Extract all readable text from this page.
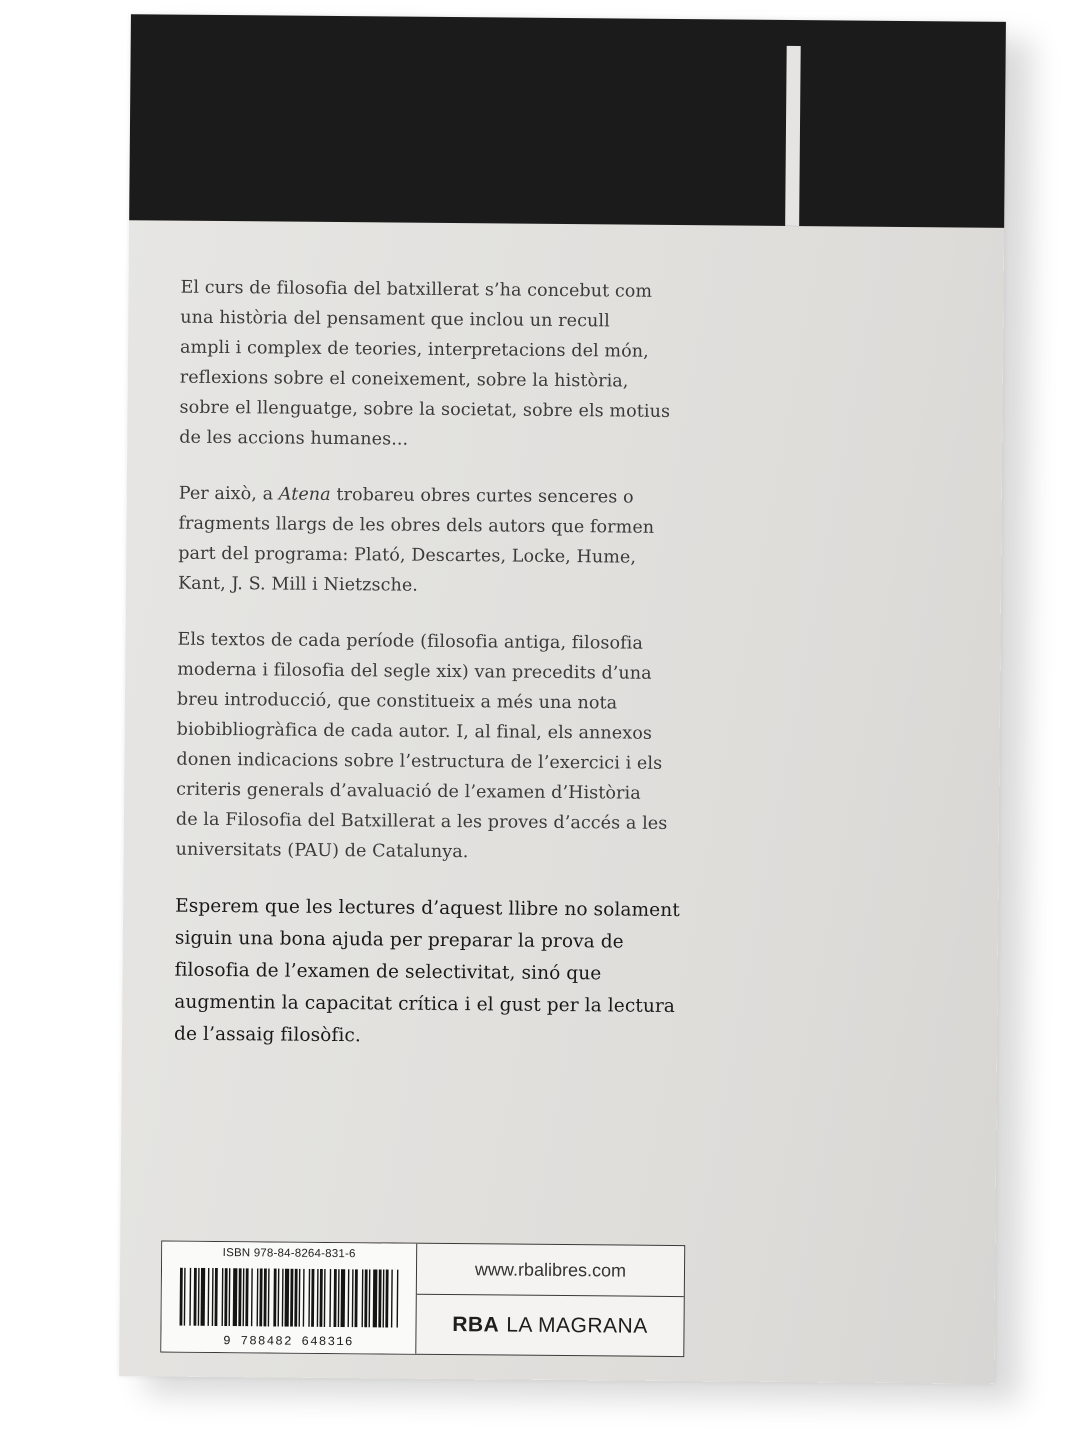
El curs de filosofia del batxillerat s’ha concebut com
una història del pensament que inclou un recull
ampli i complex de teories, interpretacions del món,
reflexions sobre el coneixement, sobre la història,
sobre el llenguatge, sobre la societat, sobre els motius
de les accions humanes...

Per això, a Atena trobareu obres curtes senceres o
fragments llargs de les obres dels autors que formen
part del programa: Plató, Descartes, Locke, Hume,
Kant, J. S. Mill i Nietzsche.

Els textos de cada període (filosofia antiga, filosofia
moderna i filosofia del segle xix) van precedits d’una
breu introducció, que constitueix a més una nota
biobibliogràfica de cada autor. I, al final, els annexos
donen indicacions sobre l’estructura de l’exercici i els
criteris generals d’avaluació de l’examen d’Història
de la Filosofia del Batxillerat a les proves d’accés a les
universitats (PAU) de Catalunya.

Esperem que les lectures d’aquest llibre no solament
siguin una bona ajuda per preparar la prova de
filosofia de l’examen de selectivitat, sinó que
augmentin la capacitat crítica i el gust per la lectura
de l’assaig filosòfic.

ISBN 978-84-8264-831-6
9 788482 648316
www.rbalibres.com
RBA LA MAGRANA
